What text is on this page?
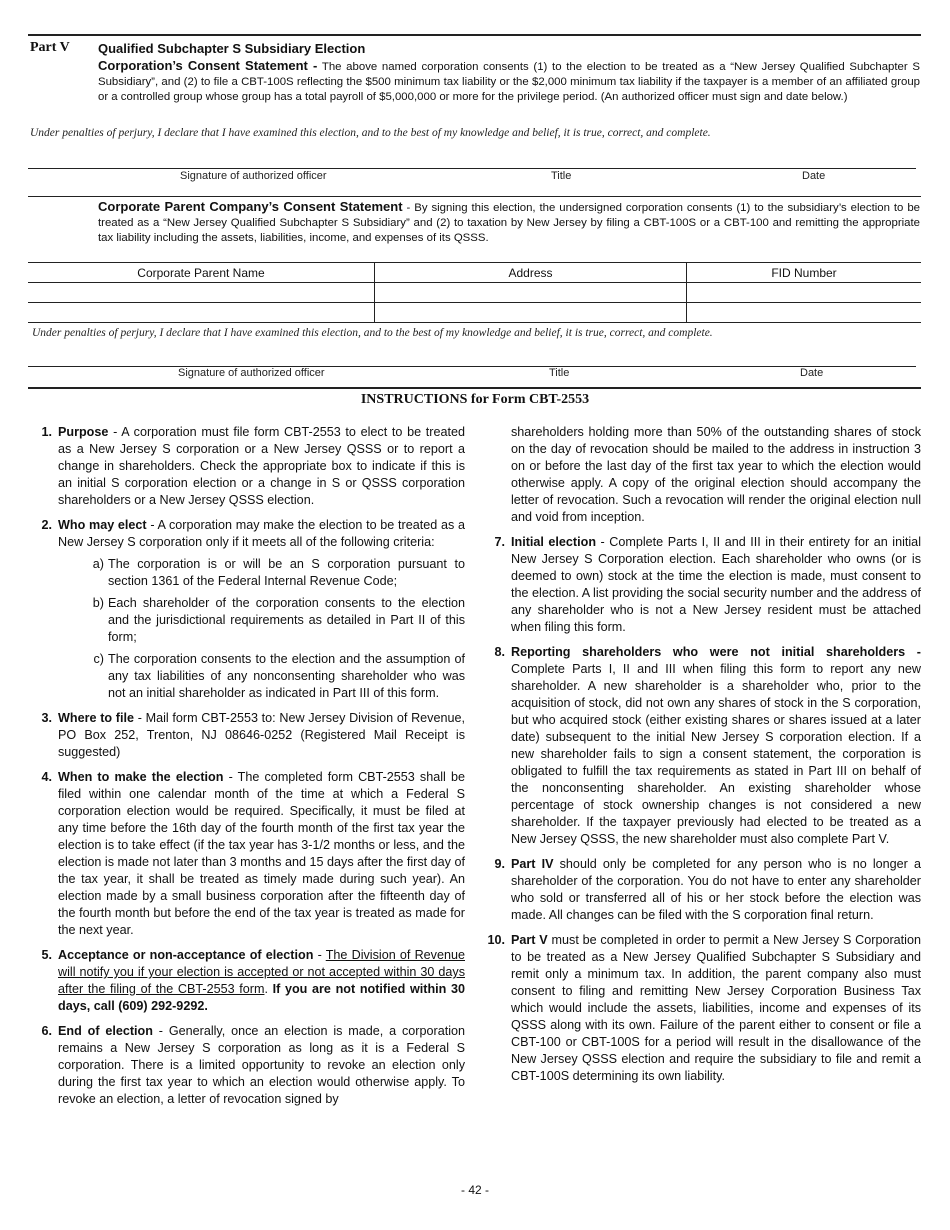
Part V	Qualified Subchapter S Subsidiary Election
Corporation’s Consent Statement - The above named corporation consents (1) to the election to be treated as a “New Jersey Qualified Subchapter S Subsidiary”, and (2) to file a CBT-100S reflecting the $500 minimum tax liability or the $2,000 minimum tax liability if the taxpayer is a member of an affiliated group or a controlled group whose group has a total payroll of $5,000,000 or more for the privilege period. (An authorized officer must sign and date below.)
Under penalties of perjury, I declare that I have examined this election, and to the best of my knowledge and belief, it is true, correct, and complete.
Signature of authorized officer	Title	Date
Corporate Parent Company’s Consent Statement - By signing this election, the undersigned corporation consents (1) to the subsidiary’s election to be treated as a “New Jersey Qualified Subchapter S Subsidiary” and (2) to taxation by New Jersey by filing a CBT-100S or a CBT-100 and remitting the appropriate tax liability including the assets, liabilities, income, and expenses of its QSSS.
Corporate Parent Name	Address	FID Number

Under penalties of perjury, I declare that I have examined this election, and to the best of my knowledge and belief, it is true, correct, and complete.
Signature of authorized officer	Title	Date
INSTRUCTIONS for Form CBT-2553
1. Purpose - A corporation must file form CBT-2553 to elect to be treated as a New Jersey S corporation or a New Jersey QSSS or to report a change in shareholders. Check the appropriate box to indicate if this is an initial S corporation election or a change in S or QSSS corporation shareholders or a New Jersey QSSS election.
2. Who may elect - A corporation may make the election to be treated as a New Jersey S corporation only if it meets all of the following criteria:
a) The corporation is or will be an S corporation pursuant to section 1361 of the Federal Internal Revenue Code;
b) Each shareholder of the corporation consents to the election and the jurisdictional requirements as detailed in Part II of this form;
c) The corporation consents to the election and the assumption of any tax liabilities of any nonconsenting shareholder who was not an initial shareholder as indicated in Part III of this form.
3. Where to file - Mail form CBT-2553 to: New Jersey Division of Revenue, PO Box 252, Trenton, NJ 08646-0252 (Registered Mail Receipt is suggested)
4. When to make the election - The completed form CBT-2553 shall be filed within one calendar month of the time at which a Federal S corporation election would be required. Specifically, it must be filed at any time before the 16th day of the fourth month of the first tax year the election is to take effect (if the tax year has 3-1/2 months or less, and the election is made not later than 3 months and 15 days after the first day of the tax year, it shall be treated as timely made during such year). An election made by a small business corporation after the fifteenth day of the fourth month but before the end of the tax year is treated as made for the next year.
5. Acceptance or non-acceptance of election - The Division of Revenue will notify you if your election is accepted or not accepted within 30 days after the filing of the CBT-2553 form. If you are not notified within 30 days, call (609) 292-9292.
6. End of election - Generally, once an election is made, a corporation remains a New Jersey S corporation as long as it is a Federal S corporation. There is a limited opportunity to revoke an election only during the first tax year to which an election would otherwise apply. To revoke an election, a letter of revocation signed by
shareholders holding more than 50% of the outstanding shares of stock on the day of revocation should be mailed to the address in instruction 3 on or before the last day of the first tax year to which the election would otherwise apply. A copy of the original election should accompany the letter of revocation. Such a revocation will render the original election null and void from inception.
7. Initial election - Complete Parts I, II and III in their entirety for an initial New Jersey S Corporation election. Each shareholder who owns (or is deemed to own) stock at the time the election is made, must consent to the election. A list providing the social security number and the address of any shareholder who is not a New Jersey resident must be attached when filing this form.
8. Reporting shareholders who were not initial shareholders - Complete Parts I, II and III when filing this form to report any new shareholder. A new shareholder is a shareholder who, prior to the acquisition of stock, did not own any shares of stock in the S corporation, but who acquired stock (either existing shares or shares issued at a later date) subsequent to the initial New Jersey S corporation election. If a new shareholder fails to sign a consent statement, the corporation is obligated to fulfill the tax requirements as stated in Part III on behalf of the nonconsenting shareholder. An existing shareholder whose percentage of stock ownership changes is not considered a new shareholder. If the taxpayer previously had elected to be treated as a New Jersey QSSS, the new shareholder must also complete Part V.
9. Part IV should only be completed for any person who is no longer a shareholder of the corporation. You do not have to enter any shareholder who sold or transferred all of his or her stock before the election was made. All changes can be filed with the S corporation final return.
10. Part V must be completed in order to permit a New Jersey S Corporation to be treated as a New Jersey Qualified Subchapter S Subsidiary and remit only a minimum tax. In addition, the parent company also must consent to filing and remitting New Jersey Corporation Business Tax which would include the assets, liabilities, income and expenses of its QSSS along with its own. Failure of the parent either to consent or file a CBT-100 or CBT-100S for a period will result in the disallowance of the New Jersey QSSS election and require the subsidiary to file and remit a CBT-100S determining its own liability.
- 42 -
